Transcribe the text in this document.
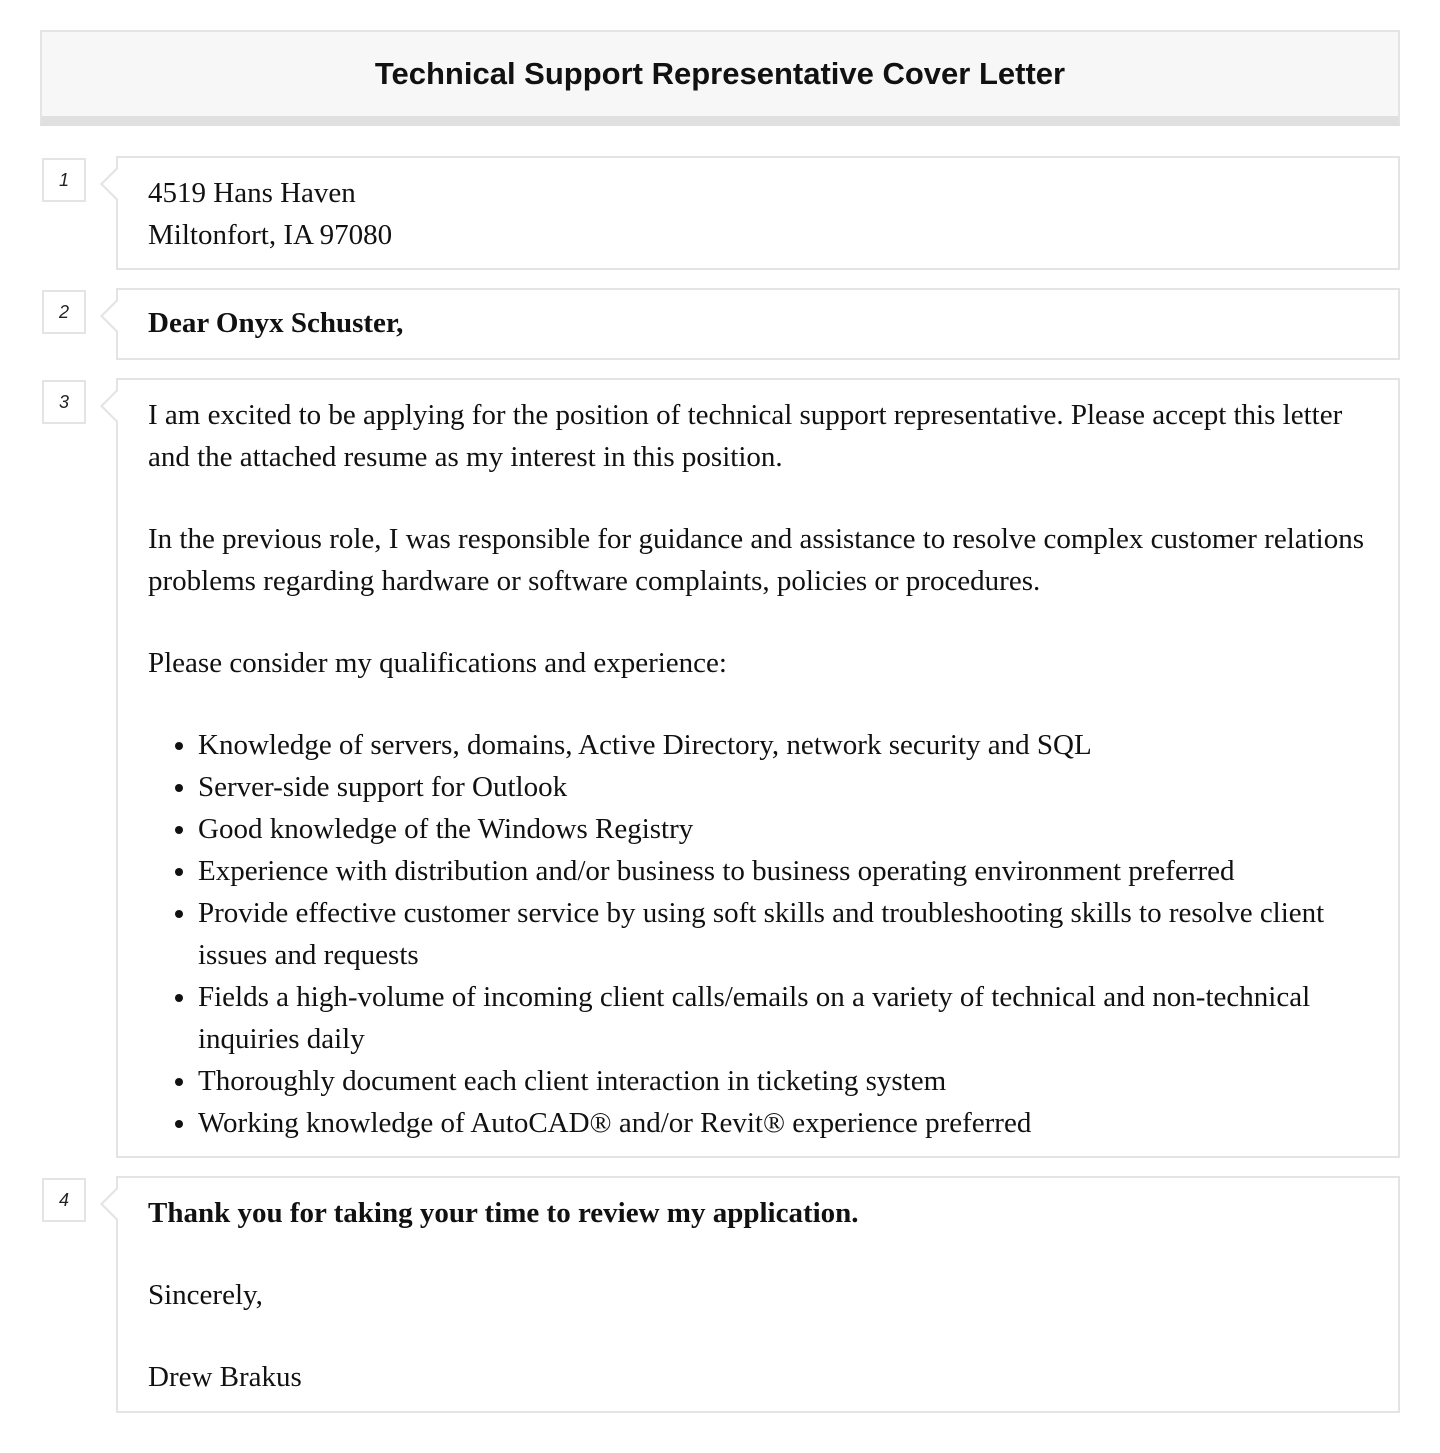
Technical Support Representative Cover Letter
1	4519 Hans Haven
Miltonfort, IA 97080
2	Dear Onyx Schuster,
3	I am excited to be applying for the position of technical support representative. Please accept this letter and the attached resume as my interest in this position.

In the previous role, I was responsible for guidance and assistance to resolve complex customer relations problems regarding hardware or software complaints, policies or procedures.

Please consider my qualifications and experience:

• Knowledge of servers, domains, Active Directory, network security and SQL
• Server-side support for Outlook
• Good knowledge of the Windows Registry
• Experience with distribution and/or business to business operating environment preferred
• Provide effective customer service by using soft skills and troubleshooting skills to resolve client issues and requests
• Fields a high-volume of incoming client calls/emails on a variety of technical and non-technical inquiries daily
• Thoroughly document each client interaction in ticketing system
• Working knowledge of AutoCAD® and/or Revit® experience preferred
4	Thank you for taking your time to review my application.

Sincerely,

Drew Brakus
